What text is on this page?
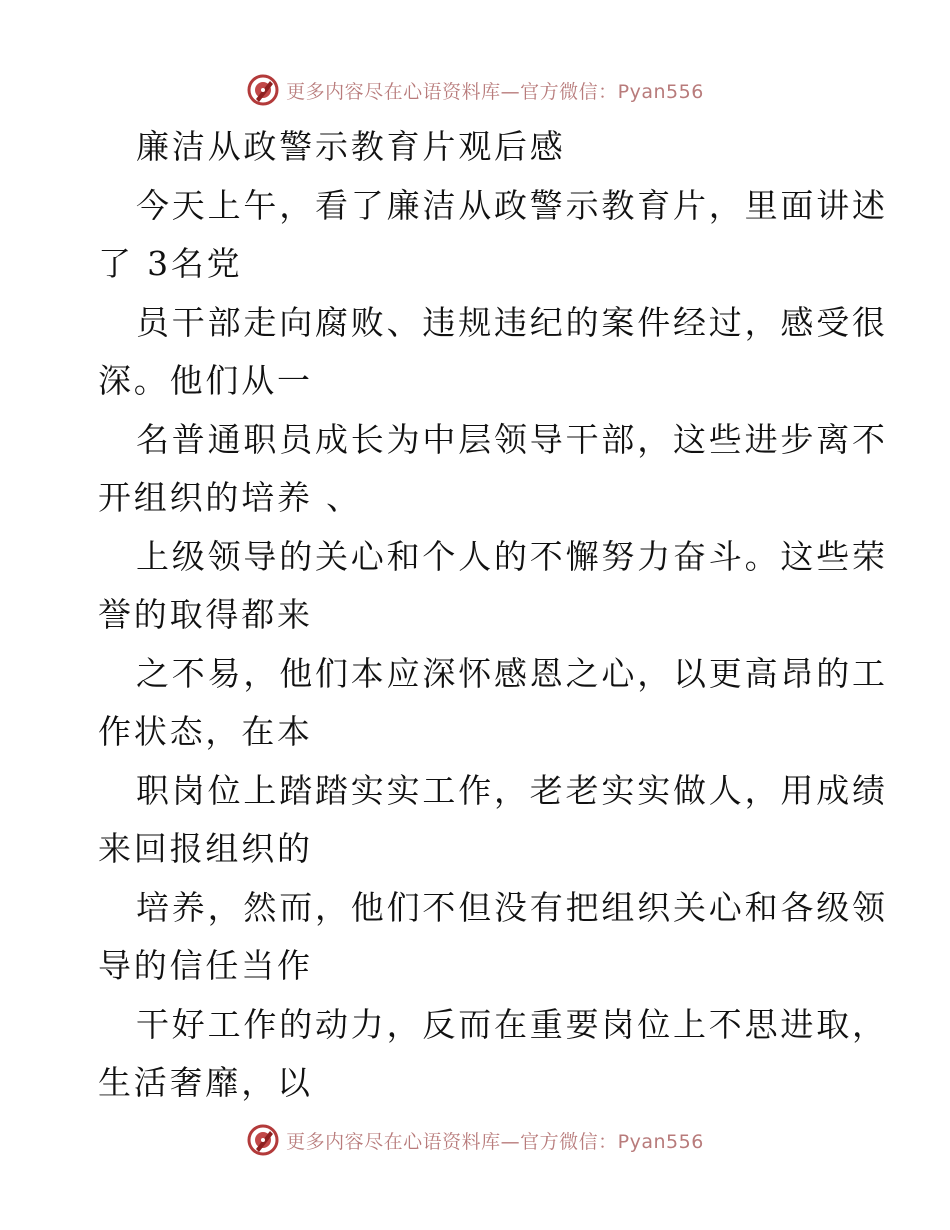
更多内容尽在心语资料库—官方微信：Pyan556
廉洁从政警示教育片观后感
今天上午，看了廉洁从政警示教育片，里面讲述
了 3名党
员干部走向腐败、违规违纪的案件经过，感受很
深。他们从一
名普通职员成长为中层领导干部，这些进步离不
开组织的培养 、
上级领导的关心和个人的不懈努力奋斗。这些荣
誉的取得都来
之不易，他们本应深怀感恩之心，以更高昂的工
作状态，在本
职岗位上踏踏实实工作，老老实实做人，用成绩
来回报组织的
培养，然而，他们不但没有把组织关心和各级领
导的信任当作
干好工作的动力，反而在重要岗位上不思进取，
生活奢靡，以
更多内容尽在心语资料库—官方微信：Pyan556
